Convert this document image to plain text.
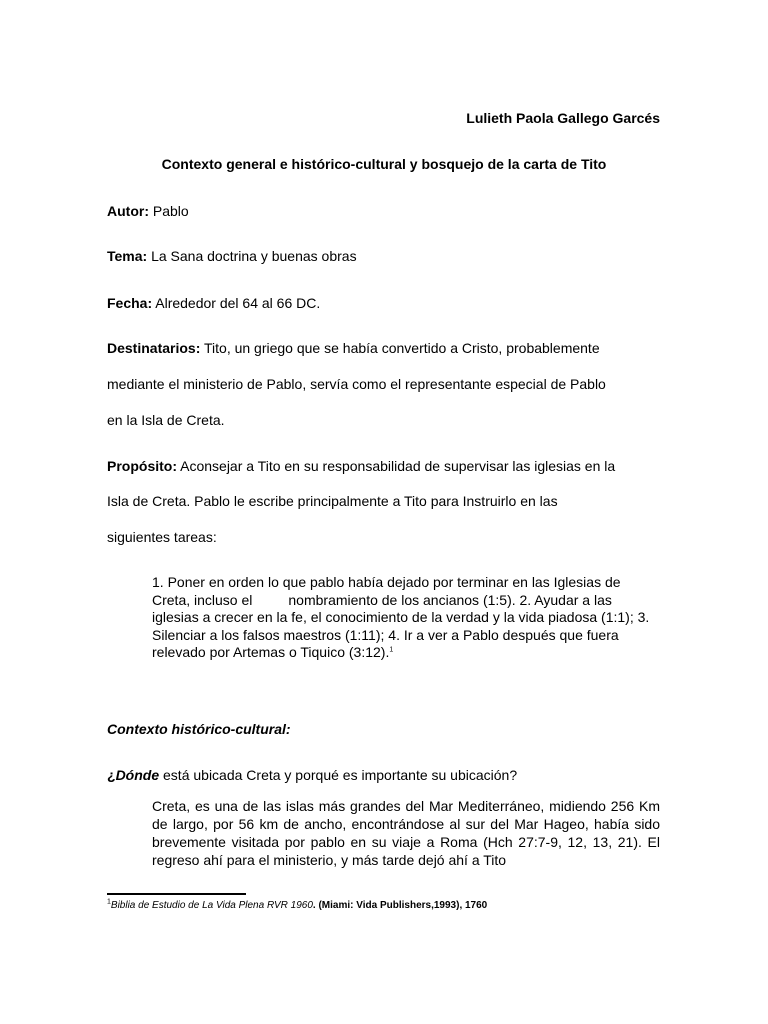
Lulieth Paola Gallego Garcés
Contexto general e histórico-cultural y bosquejo de la carta de Tito
Autor: Pablo
Tema: La Sana doctrina y buenas obras
Fecha: Alrededor del 64 al 66 DC.
Destinatarios: Tito, un griego que se había convertido a Cristo, probablemente
mediante el ministerio de Pablo, servía como el representante especial de Pablo
en la Isla de Creta.
Propósito: Aconsejar a Tito en su responsabilidad de supervisar las iglesias en la
Isla de Creta. Pablo le escribe principalmente a Tito para Instruirlo en las
siguientes tareas:
1. Poner en orden lo que pablo había dejado por terminar en las Iglesias de Creta, incluso el	nombramiento de los ancianos (1:5). 2. Ayudar a las iglesias a crecer en la fe, el conocimiento de la verdad y la vida piadosa (1:1); 3. Silenciar a los falsos maestros (1:11); 4. Ir a ver a Pablo después que fuera relevado por Artemas o Tiquico (3:12).$^1$
Contexto histórico-cultural:
¿Dónde está ubicada Creta y porqué es importante su ubicación?
Creta, es una de las islas más grandes del Mar Mediterráneo, midiendo 256 Km de largo, por 56 km de ancho, encontrándose al sur del Mar Hageo, había sido brevemente visitada por pablo en su viaje a Roma (Hch 27:7-9, 12, 13, 21). El regreso ahí para el ministerio, y más tarde dejó ahí a Tito
$^1$Biblia de Estudio de La Vida Plena RVR 1960. (Miami: Vida Publishers,1993), 1760
